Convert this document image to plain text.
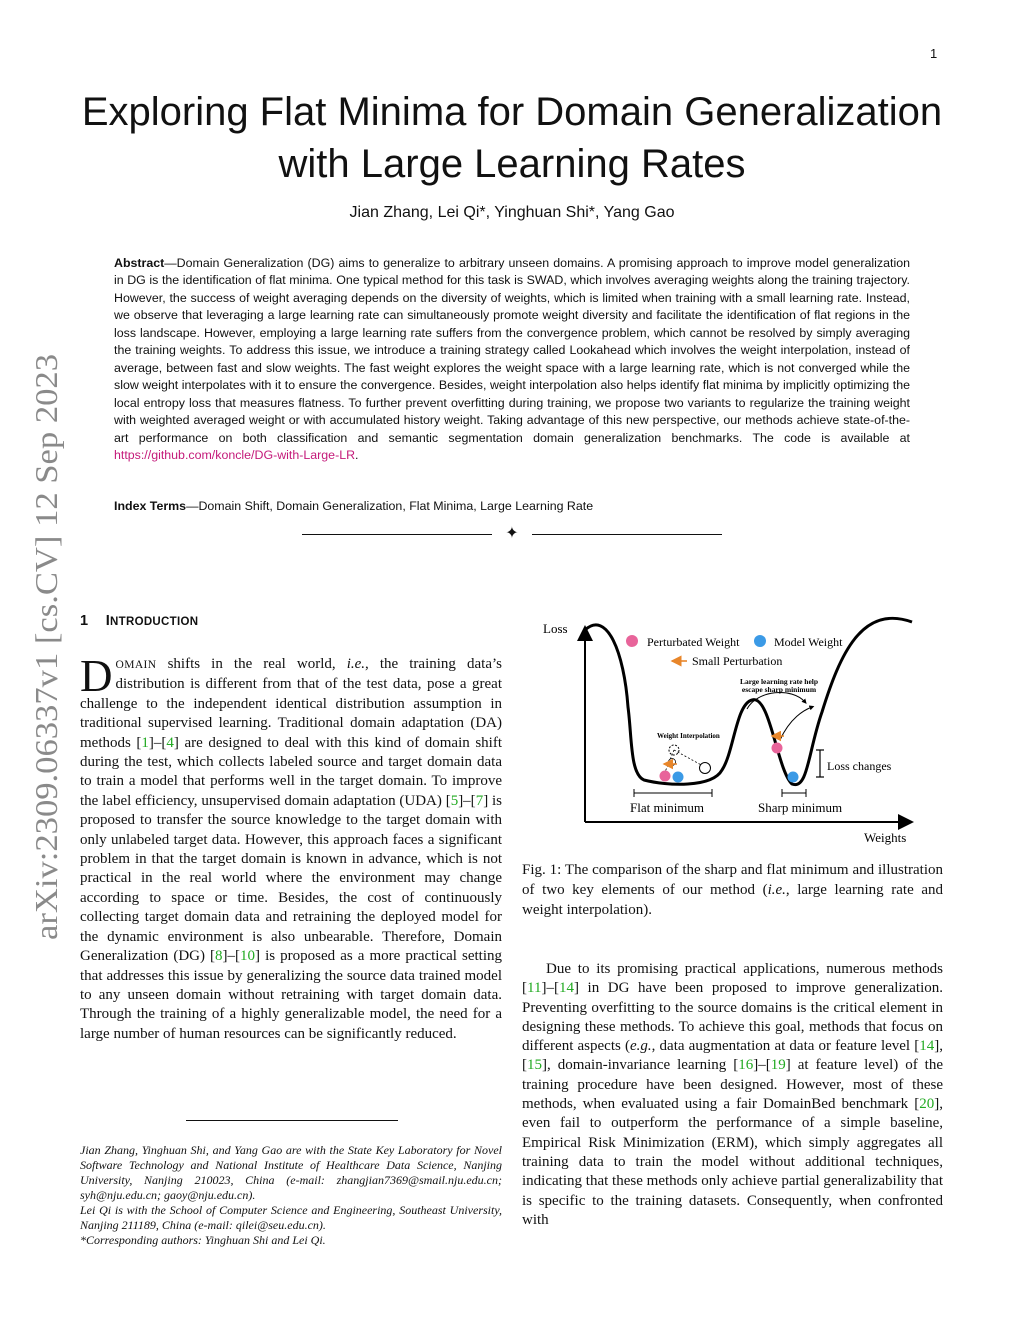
1
arXiv:2309.06337v1 [cs.CV] 12 Sep 2023
Exploring Flat Minima for Domain Generalization
with Large Learning Rates
Jian Zhang, Lei Qi*, Yinghuan Shi*, Yang Gao
Abstract—Domain Generalization (DG) aims to generalize to arbitrary unseen domains. A promising approach to improve model generalization in DG is the identification of flat minima. One typical method for this task is SWAD, which involves averaging weights along the training trajectory. However, the success of weight averaging depends on the diversity of weights, which is limited when training with a small learning rate. Instead, we observe that leveraging a large learning rate can simultaneously promote weight diversity and facilitate the identification of flat regions in the loss landscape. However, employing a large learning rate suffers from the convergence problem, which cannot be resolved by simply averaging the training weights. To address this issue, we introduce a training strategy called Lookahead which involves the weight interpolation, instead of average, between fast and slow weights. The fast weight explores the weight space with a large learning rate, which is not converged while the slow weight interpolates with it to ensure the convergence. Besides, weight interpolation also helps identify flat minima by implicitly optimizing the local entropy loss that measures flatness. To further prevent overfitting during training, we propose two variants to regularize the training weight with weighted averaged weight or with accumulated history weight. Taking advantage of this new perspective, our methods achieve state-of-the-art performance on both classification and semantic segmentation domain generalization benchmarks. The code is available at https://github.com/koncle/DG-with-Large-LR.
Index Terms—Domain Shift, Domain Generalization, Flat Minima, Large Learning Rate
✦
1 INTRODUCTION
DOMAIN shifts in the real world, i.e., the training data’s distribution is different from that of the test data, pose a great challenge to the independent identical distribution assumption in traditional supervised learning. Traditional domain adaptation (DA) methods [1]–[4] are designed to deal with this kind of domain shift during the test, which collects labeled source and target domain data to train a model that performs well in the target domain. To improve the label efficiency, unsupervised domain adaptation (UDA) [5]–[7] is proposed to transfer the source knowledge to the target domain with only unlabeled target data. However, this approach faces a significant problem in that the target domain is known in advance, which is not practical in the real world where the environment may change according to space or time. Besides, the cost of continuously collecting target domain data and retraining the deployed model for the dynamic environment is also unbearable. Therefore, Domain Generalization (DG) [8]–[10] is proposed as a more practical setting that addresses this issue by generalizing the source data trained model to any unseen domain without retraining with target domain data. Through the training of a highly generalizable model, the need for a large number of human resources can be significantly reduced.

Jian Zhang, Yinghuan Shi, and Yang Gao are with the State Key Laboratory for Novel Software Technology and National Institute of Healthcare Data Science, Nanjing University, Nanjing 210023, China (e-mail: zhangjian7369@smail.nju.edu.cn; syh@nju.edu.cn; gaoy@nju.edu.cn).

Lei Qi is with the School of Computer Science and Engineering, Southeast University, Nanjing 211189, China (e-mail: qilei@seu.edu.cn).

*Corresponding authors: Yinghuan Shi and Lei Qi.

Loss
Weights
Perturbated Weight	Model Weight
Small Perturbation
Large learning rate help
escape sharp minimum
Weight Interpolation
Loss changes
Flat minimum	Sharp minimum
Fig. 1: The comparison of the sharp and flat minimum and illustration of two key elements of our method (i.e., large learning rate and weight interpolation).

Due to its promising practical applications, numerous methods [11]–[14] in DG have been proposed to improve generalization. Preventing overfitting to the source domains is the critical element in designing these methods. To achieve this goal, methods that focus on different aspects (e.g., data augmentation at data or feature level [14], [15], domain-invariance learning [16]–[19] at feature level) of the training procedure have been designed. However, most of these methods, when evaluated using a fair DomainBed benchmark [20], even fail to outperform the performance of a simple baseline, Empirical Risk Minimization (ERM), which simply aggregates all training data to train the model without additional techniques, indicating that these methods only achieve partial generalizability that is specific to the training datasets. Consequently, when confronted with
